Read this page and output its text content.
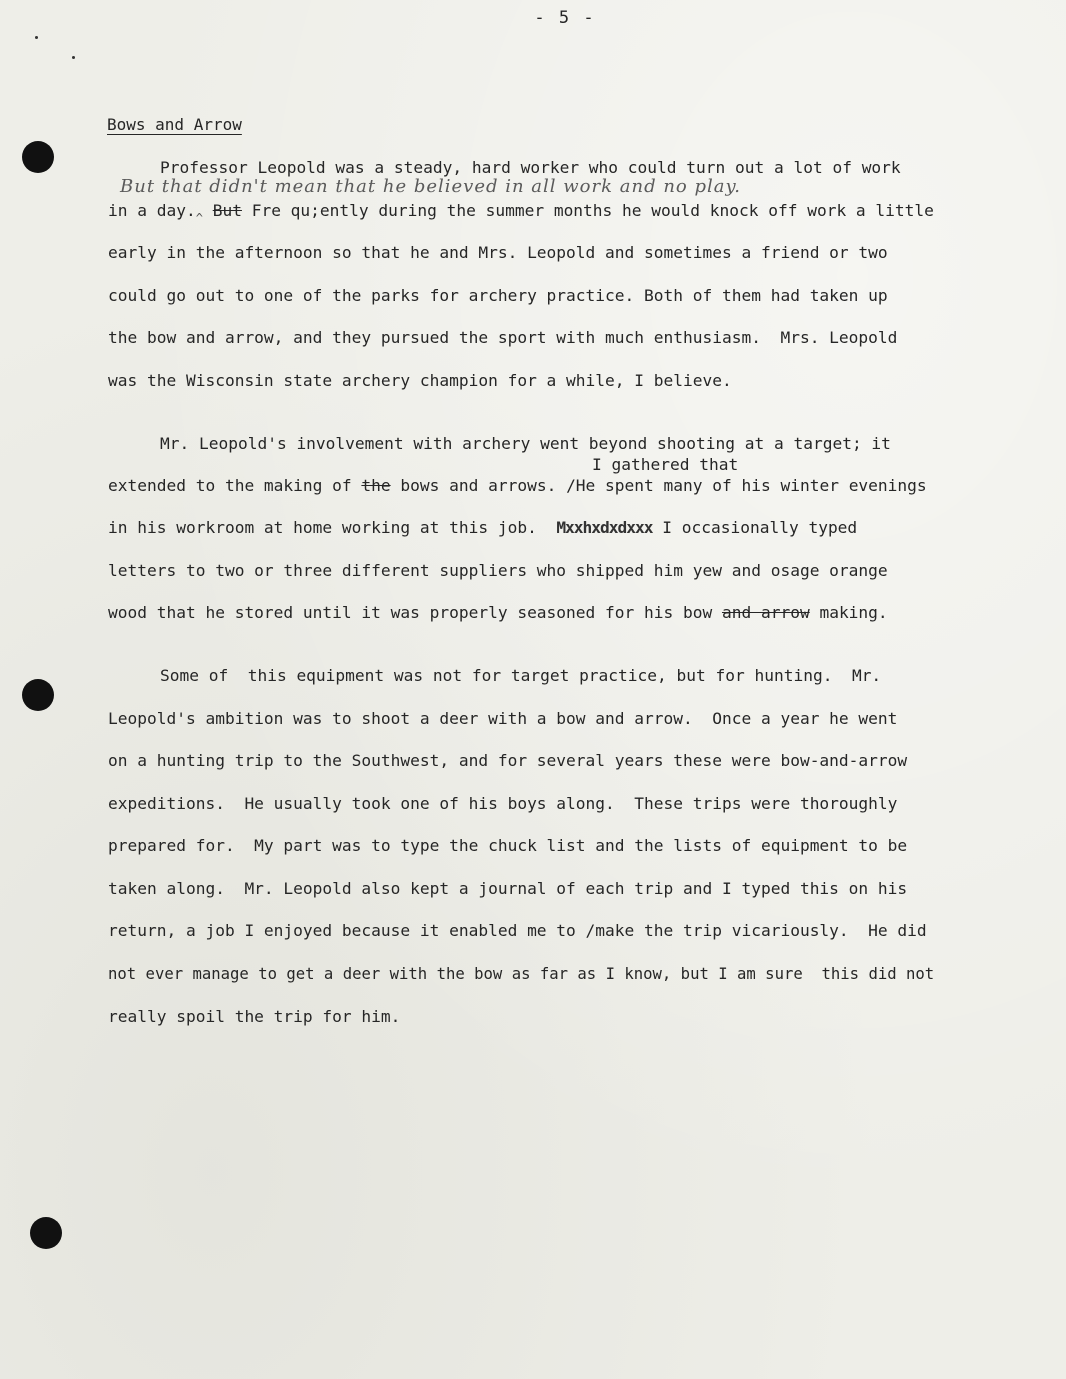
- 5 -
Bows and Arrow
Professor Leopold was a steady, hard worker who could turn out a lot of work
But that didn't mean that he believed in all work and no play.
in a $day._{\^{}}$ But Fre qu;ently during the summer months he would knock off work a little
early in the afternoon so that he and Mrs. Leopold and sometimes a friend or two
could go out to one of the parks for archery practice. Both of them had taken up
the bow and arrow, and they pursued the sport with much enthusiasm.  Mrs. Leopold
was the Wisconsin state archery champion for a while, I believe.
Mr. Leopold's involvement with archery went beyond shooting at a target; it
I gathered that
extended to the making of the bows and arrows. /He spent many of his winter evenings
in his workroom at home working at this job.  Mxxhxdxdxxx I occasionally typed
letters to two or three different suppliers who shipped him yew and osage orange
wood that he stored until it was properly seasoned for his bow and arrow making.
Some of  this equipment was not for target practice, but for hunting.  Mr.
Leopold's ambition was to shoot a deer with a bow and arrow.  Once a year he went
on a hunting trip to the Southwest, and for several years these were bow-and-arrow
expeditions.  He usually took one of his boys along.  These trips were thoroughly
prepared for.  My part was to type the chuck list and the lists of equipment to be
taken along.  Mr. Leopold also kept a journal of each trip and I typed this on his
return, a job I enjoyed because it enabled me to /make the trip vicariously.  He did
not ever manage to get a deer with the bow as far as I know, but I am sure  this did not
really spoil the trip for him.
